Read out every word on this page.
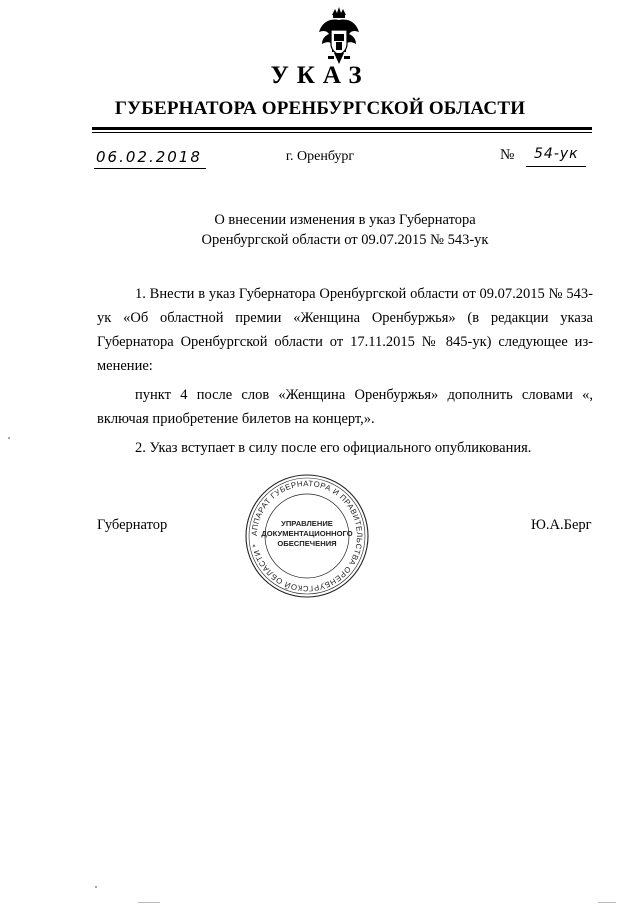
УКАЗ
ГУБЕРНАТОРА ОРЕНБУРГСКОЙ ОБЛАСТИ
06.02.2018	г. Оренбург	№ 54-ук
О внесении изменения в указ Губернатора
Оренбургской области от 09.07.2015 № 543-ук
1. Внести в указ Губернатора Оренбургской области от 09.07.2015 № 543-ук «Об областной премии «Женщина Оренбуржья» (в редакции указа Губернатора Оренбургской области от 17.11.2015 № 845-ук) следующее из- менение:
пункт 4 после слов «Женщина Оренбуржья» дополнить словами «, включая приобретение билетов на концерт,».
2. Указ вступает в силу после его официального опубликования.
Губернатор	Ю.А.Берг
АППАРАТ ГУБЕРНАТОРА И ПРАВИТЕЛЬСТВА ОРЕНБУРГСКОЙ ОБЛАСТИ *
УПРАВЛЕНИЕ
ДОКУМЕНТАЦИОННОГО
ОБЕСПЕЧЕНИЯ
